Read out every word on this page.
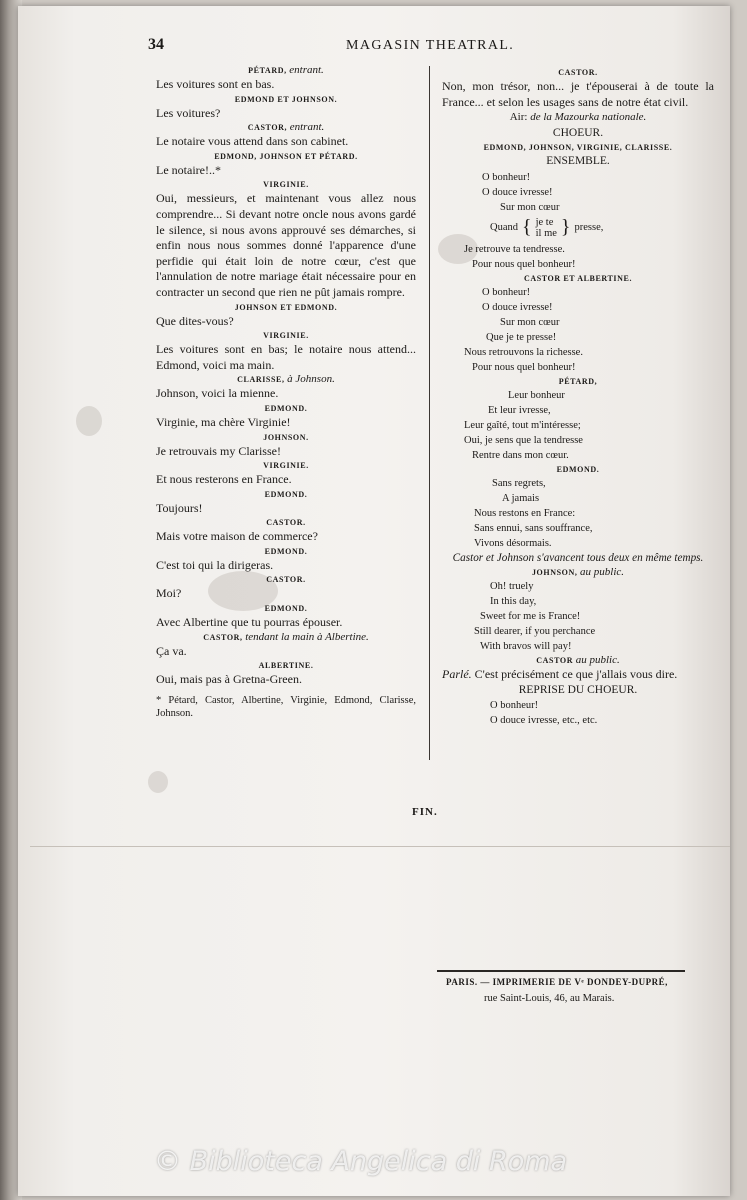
34	MAGASIN THEATRAL.
PÉTARD, entrant.
Les voitures sont en bas.
EDMOND ET JOHNSON.
Les voitures?
CASTOR, entrant.
Le notaire vous attend dans son cabinet.
EDMOND, JOHNSON ET PÉTARD.
Le notaire!..*
VIRGINIE.
Oui, messieurs, et maintenant vous allez nous comprendre... Si devant notre oncle nous avons gardé le silence, si nous avons approuvé ses démarches, si enfin nous nous sommes donné l'apparence d'une perfidie qui était loin de notre cœur, c'est que l'annulation de notre mariage était nécessaire pour en contracter un second que rien ne pût jamais rompre.
JOHNSON ET EDMOND.
Que dites-vous?
VIRGINIE.
Les voitures sont en bas; le notaire nous attend... Edmond, voici ma main.
CLARISSE, à Johnson.
Johnson, voici la mienne.
EDMOND.
Virginie, ma chère Virginie!
JOHNSON.
Je retrouvais my Clarisse!
VIRGINIE.
Et nous resterons en France.
EDMOND.
Toujours!
CASTOR.
Mais votre maison de commerce?
EDMOND.
C'est toi qui la dirigeras.
CASTOR.
Moi?
EDMOND.
Avec Albertine que tu pourras épouser.
CASTOR, tendant la main à Albertine.
Ça va.
ALBERTINE.
Oui, mais pas à Gretna-Green.
* Pétard, Castor, Albertine, Virginie, Edmond, Clarisse, Johnson.
CASTOR.
Non, mon trésor, non... je t'épouserai à de toute la France... et selon les usages sans de notre état civil.
Air: de la Mazourka nationale.
CHOEUR.
EDMOND, JOHNSON, VIRGINIE, CLARISSE.
ENSEMBLE.
O bonheur!
O douce ivresse!
Sur mon cœur
Quand { je te
il me } presse,
Je retrouve ta tendresse.
Pour nous quel bonheur!
CASTOR ET ALBERTINE.
O bonheur!
O douce ivresse!
Sur mon cœur
Que je te presse!
Nous retrouvons la richesse.
Pour nous quel bonheur!
PÉTARD,
Leur bonheur
Et leur ivresse,
Leur gaîté, tout m'intéresse;
Oui, je sens que la tendresse
Rentre dans mon cœur.
EDMOND.
Sans regrets,
A jamais
Nous restons en France:
Sans ennui, sans souffrance,
Vivons désormais.
Castor et Johnson s'avancent tous deux en même temps.
JOHNSON, au public.
Oh! truely
In this day,
Sweet for me is France!
Still dearer, if you perchance
With bravos will pay!
CASTOR au public.
Parlé. C'est précisément ce que j'allais vous dire.
REPRISE DU CHOEUR.
O bonheur!
O douce ivresse, etc., etc.
FIN.
PARIS. — IMPRIMERIE DE Vᵉ DONDEY-DUPRÉ,
rue Saint-Louis, 46, au Marais.
© Biblioteca Angelica di Roma
